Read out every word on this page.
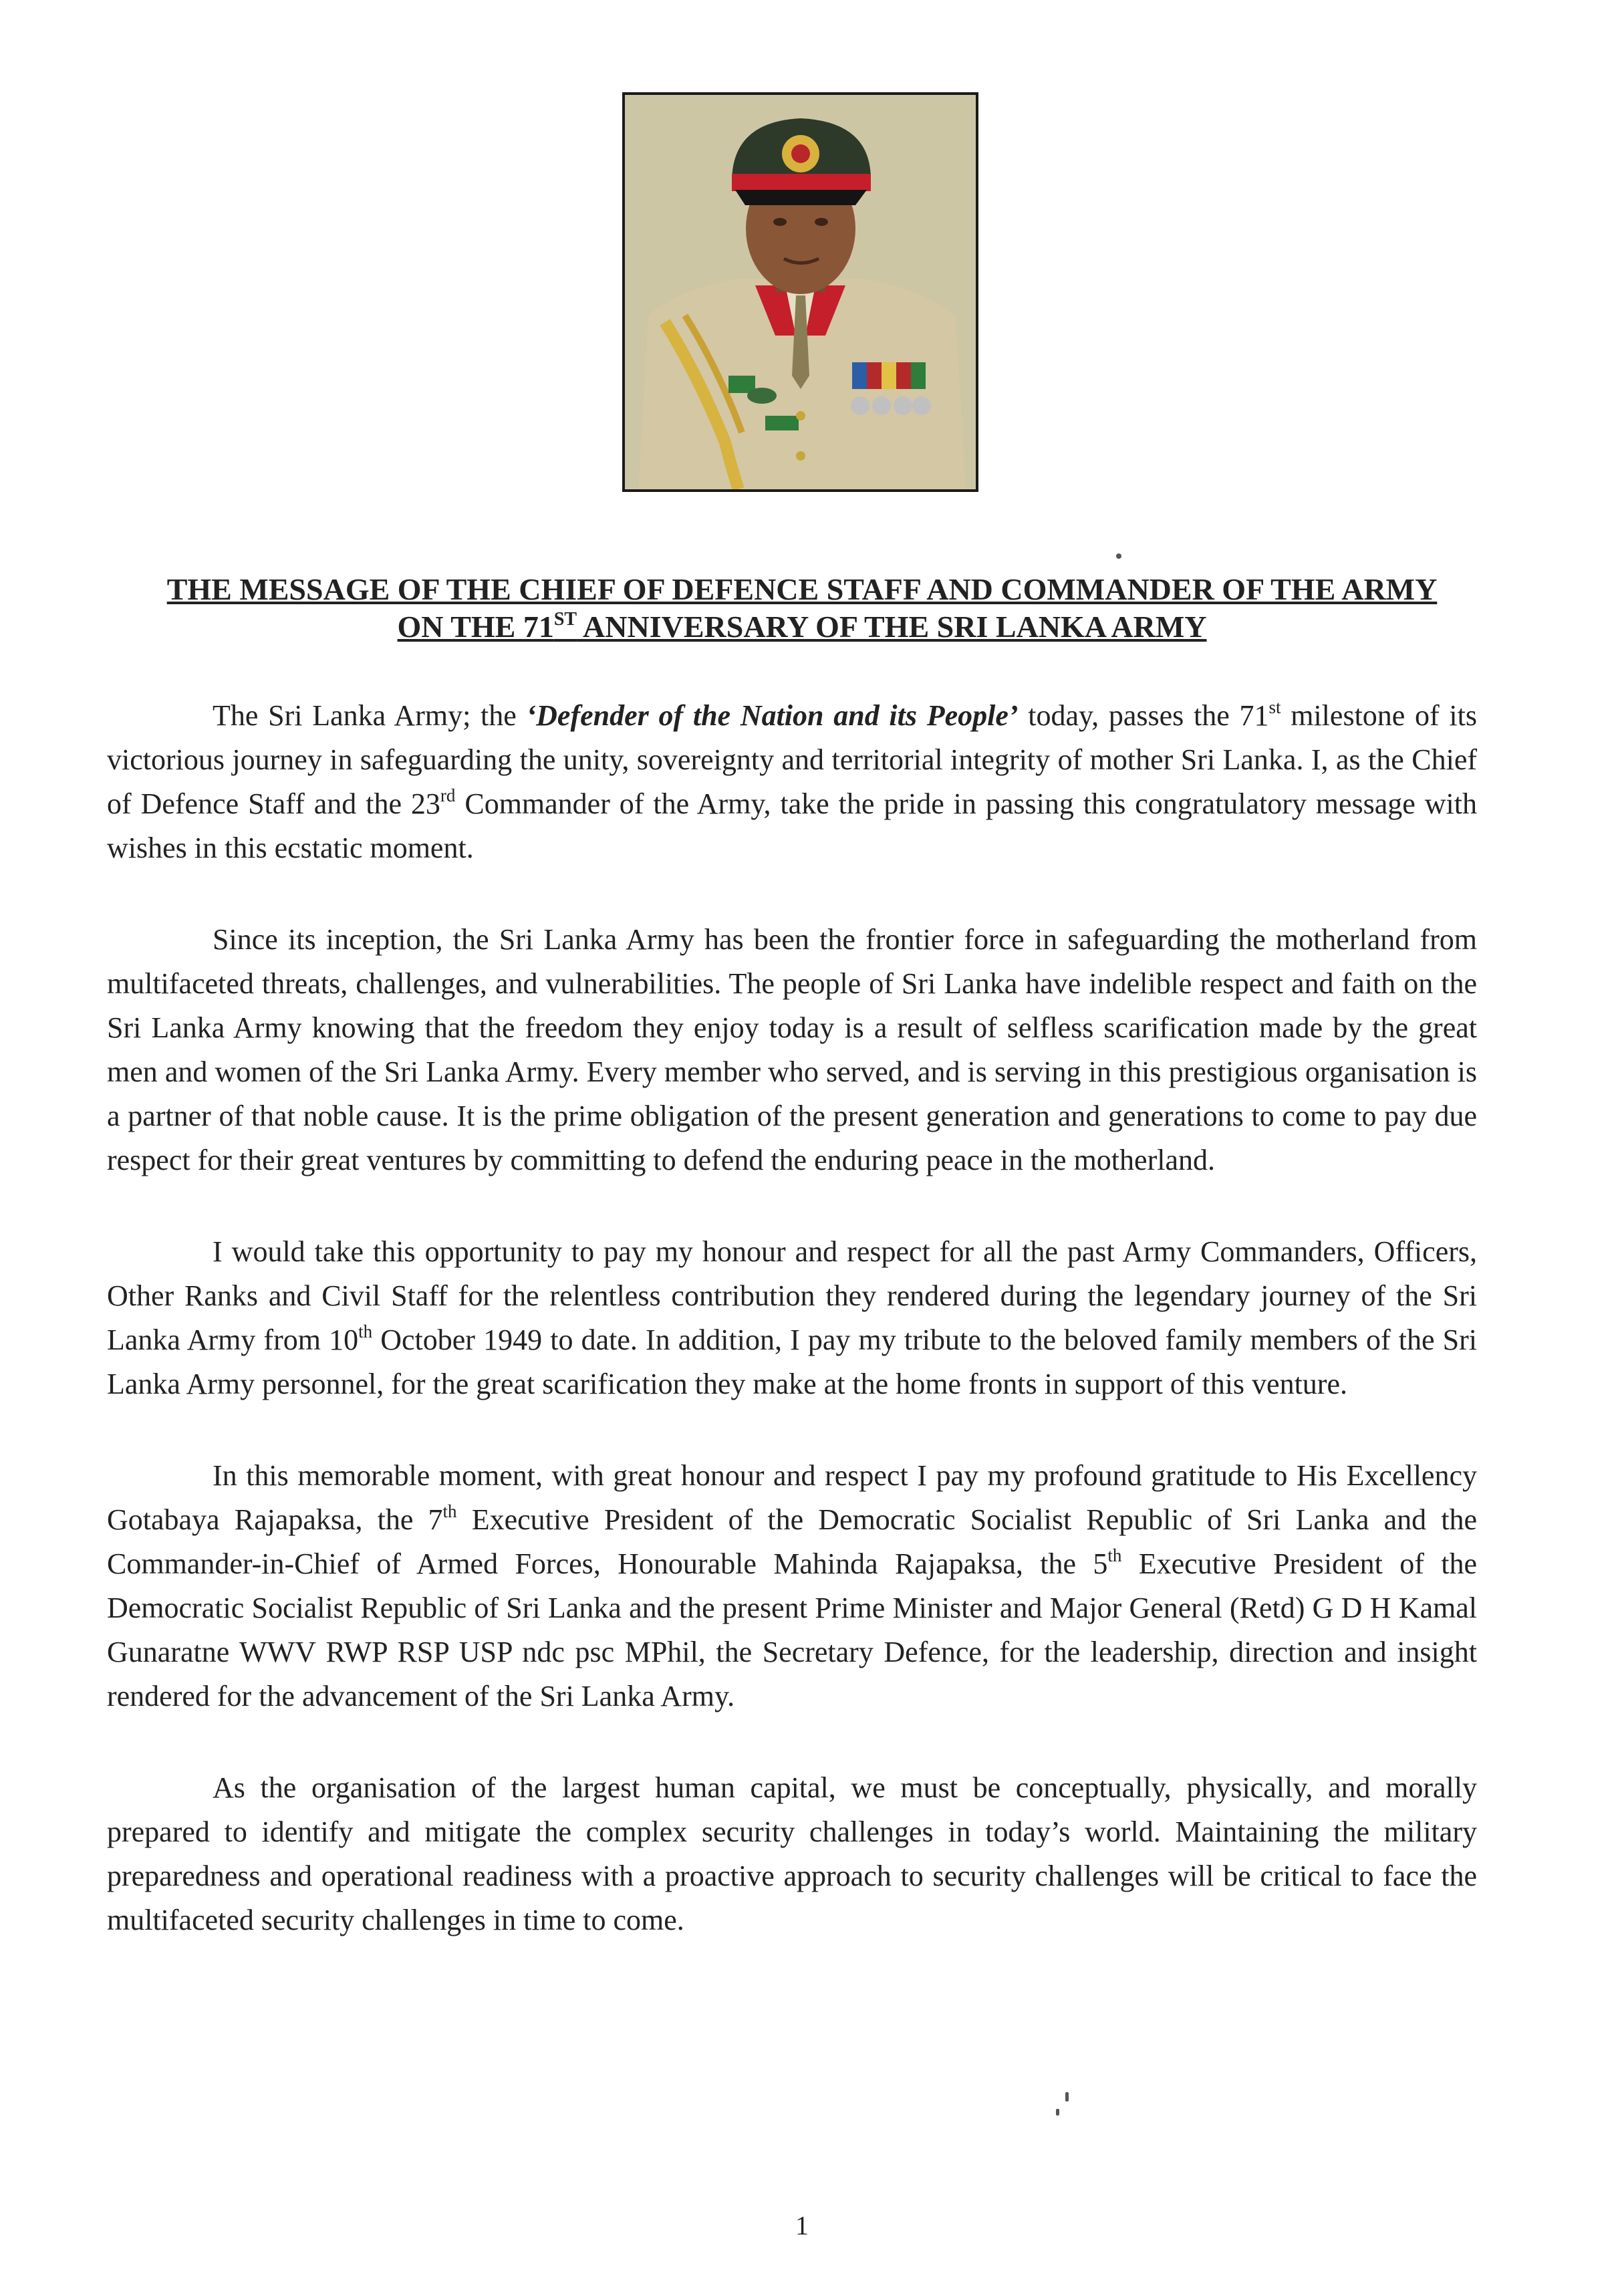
THE MESSAGE OF THE CHIEF OF DEFENCE STAFF AND COMMANDER OF THE ARMY
ON THE 71ST ANNIVERSARY OF THE SRI LANKA ARMY

The Sri Lanka Army; the ‘Defender of the Nation and its People’ today, passes the 71st milestone of its victorious journey in safeguarding the unity, sovereignty and territorial integrity of mother Sri Lanka. I, as the Chief of Defence Staff and the 23rd Commander of the Army, take the pride in passing this congratulatory message with wishes in this ecstatic moment.

Since its inception, the Sri Lanka Army has been the frontier force in safeguarding the motherland from multifaceted threats, challenges, and vulnerabilities. The people of Sri Lanka have indelible respect and faith on the Sri Lanka Army knowing that the freedom they enjoy today is a result of selfless scarification made by the great men and women of the Sri Lanka Army. Every member who served, and is serving in this prestigious organisation is a partner of that noble cause. It is the prime obligation of the present generation and generations to come to pay due respect for their great ventures by committing to defend the enduring peace in the motherland.

I would take this opportunity to pay my honour and respect for all the past Army Commanders, Officers, Other Ranks and Civil Staff for the relentless contribution they rendered during the legendary journey of the Sri Lanka Army from 10th October 1949 to date. In addition, I pay my tribute to the beloved family members of the Sri Lanka Army personnel, for the great scarification they make at the home fronts in support of this venture.

In this memorable moment, with great honour and respect I pay my profound gratitude to His Excellency Gotabaya Rajapaksa, the 7th Executive President of the Democratic Socialist Republic of Sri Lanka and the Commander-in-Chief of Armed Forces, Honourable Mahinda Rajapaksa, the 5th Executive President of the Democratic Socialist Republic of Sri Lanka and the present Prime Minister and Major General (Retd) G D H Kamal Gunaratne WWV RWP RSP USP ndc psc MPhil, the Secretary Defence, for the leadership, direction and insight rendered for the advancement of the Sri Lanka Army.

As the organisation of the largest human capital, we must be conceptually, physically, and morally prepared to identify and mitigate the complex security challenges in today’s world. Maintaining the military preparedness and operational readiness with a proactive approach to security challenges will be critical to face the multifaceted security challenges in time to come.

1
